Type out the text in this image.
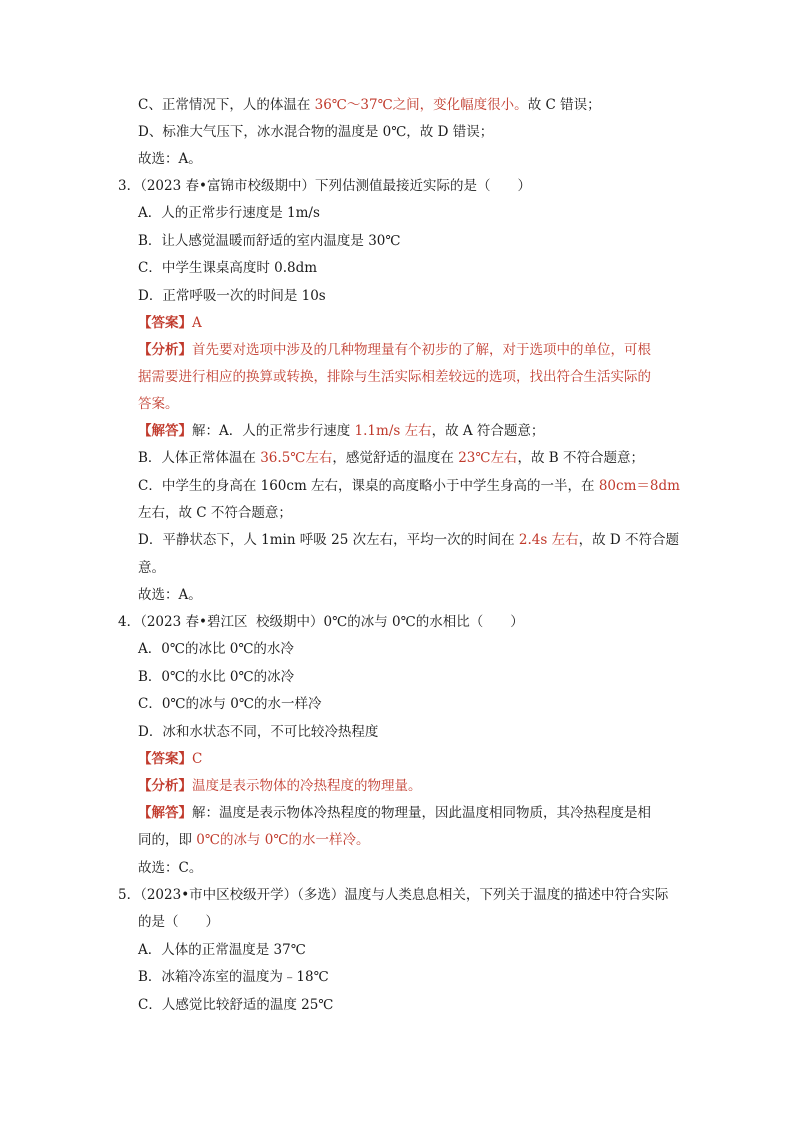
C、正常情况下，人的体温在 36℃～37℃之间，变化幅度很小。故 C 错误；
D、标准大气压下，冰水混合物的温度是 0℃，故 D 错误；
故选：A。
3．（2023 春•富锦市校级期中）下列估测值最接近实际的是（　　）
A．人的正常步行速度是 1m/s
B．让人感觉温暖而舒适的室内温度是 30℃
C．中学生课桌高度时 0.8dm
D．正常呼吸一次的时间是 10s
【答案】A
【分析】首先要对选项中涉及的几种物理量有个初步的了解，对于选项中的单位，可根
据需要进行相应的换算或转换，排除与生活实际相差较远的选项，找出符合生活实际的
答案。
【解答】解：A．人的正常步行速度 1.1m/s 左右，故 A 符合题意；
B．人体正常体温在 36.5℃左右，感觉舒适的温度在 23℃左右，故 B 不符合题意；
C．中学生的身高在 160cm 左右，课桌的高度略小于中学生身高的一半，在 80cm＝8dm
左右，故 C 不符合题意；
D．平静状态下，人 1min 呼吸 25 次左右，平均一次的时间在 2.4s 左右，故 D 不符合题
意。
故选：A。
4．（2023 春•碧江区  校级期中）0℃的冰与 0℃的水相比（　　）
A．0℃的冰比 0℃的水冷
B．0℃的水比 0℃的冰冷
C．0℃的冰与 0℃的水一样冷
D．冰和水状态不同，不可比较冷热程度
【答案】C
【分析】温度是表示物体的冷热程度的物理量。
【解答】解：温度是表示物体冷热程度的物理量，因此温度相同物质，其冷热程度是相
同的，即 0℃的冰与 0℃的水一样冷。
故选：C。
5．（2023•市中区校级开学）（多选）温度与人类息息相关，下列关于温度的描述中符合实际
的是（　　）
A．人体的正常温度是 37℃
B．冰箱冷冻室的温度为﹣18℃
C．人感觉比较舒适的温度 25℃
